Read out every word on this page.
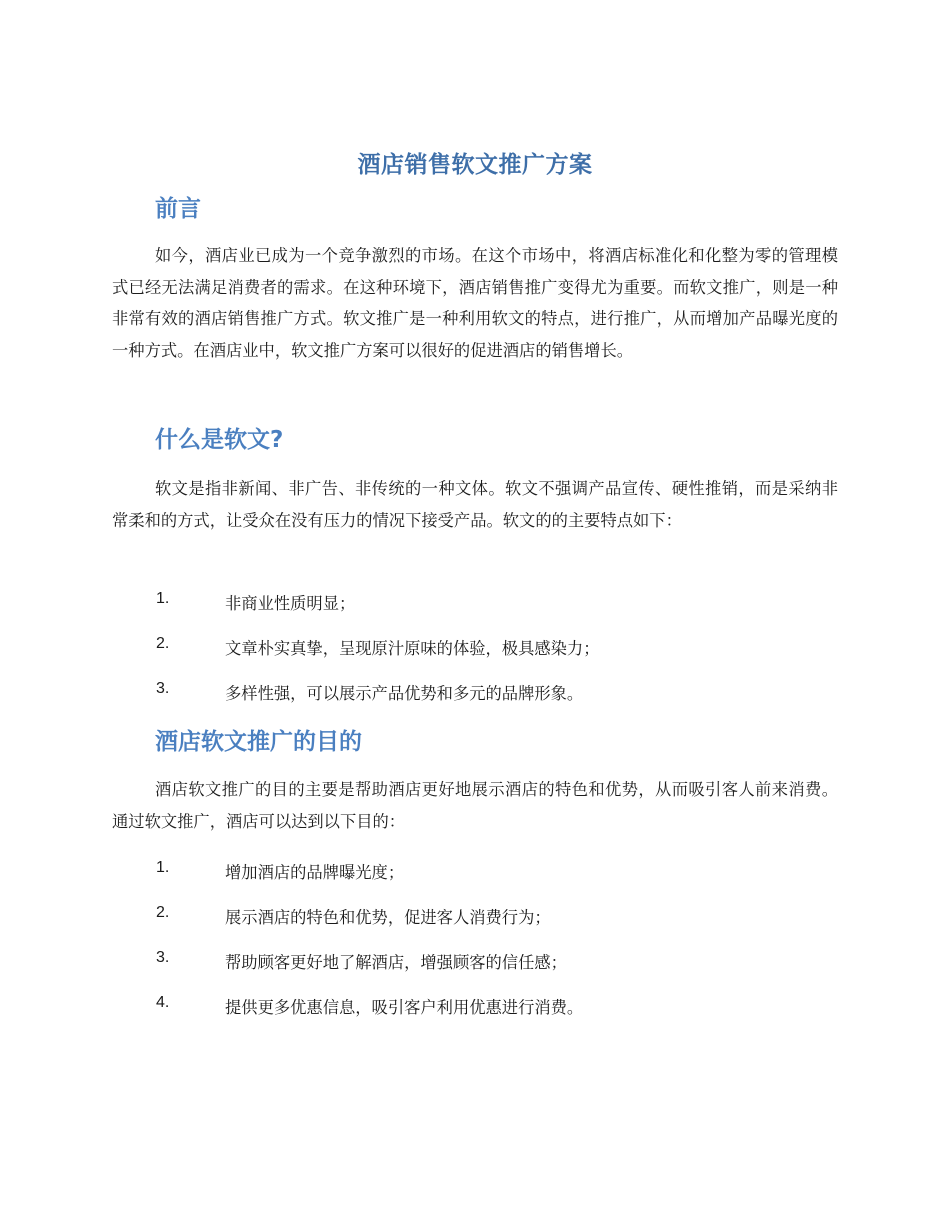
酒店销售软文推广方案
前言
如今，酒店业已成为一个竞争激烈的市场。在这个市场中，将酒店标准化和化整为零的管理模式已经无法满足消费者的需求。在这种环境下，酒店销售推广变得尤为重要。而软文推广，则是一种非常有效的酒店销售推广方式。软文推广是一种利用软文的特点，进行推广，从而增加产品曝光度的一种方式。在酒店业中，软文推广方案可以很好的促进酒店的销售增长。
什么是软文?
软文是指非新闻、非广告、非传统的一种文体。软文不强调产品宣传、硬性推销，而是采纳非常柔和的方式，让受众在没有压力的情况下接受产品。软文的的主要特点如下：
1.	非商业性质明显；
2.	文章朴实真挚，呈现原汁原味的体验，极具感染力；
3.	多样性强，可以展示产品优势和多元的品牌形象。
酒店软文推广的目的
酒店软文推广的目的主要是帮助酒店更好地展示酒店的特色和优势，从而吸引客人前来消费。通过软文推广，酒店可以达到以下目的：
1.	增加酒店的品牌曝光度；
2.	展示酒店的特色和优势，促进客人消费行为；
3.	帮助顾客更好地了解酒店，增强顾客的信任感；
4.	提供更多优惠信息，吸引客户利用优惠进行消费。
